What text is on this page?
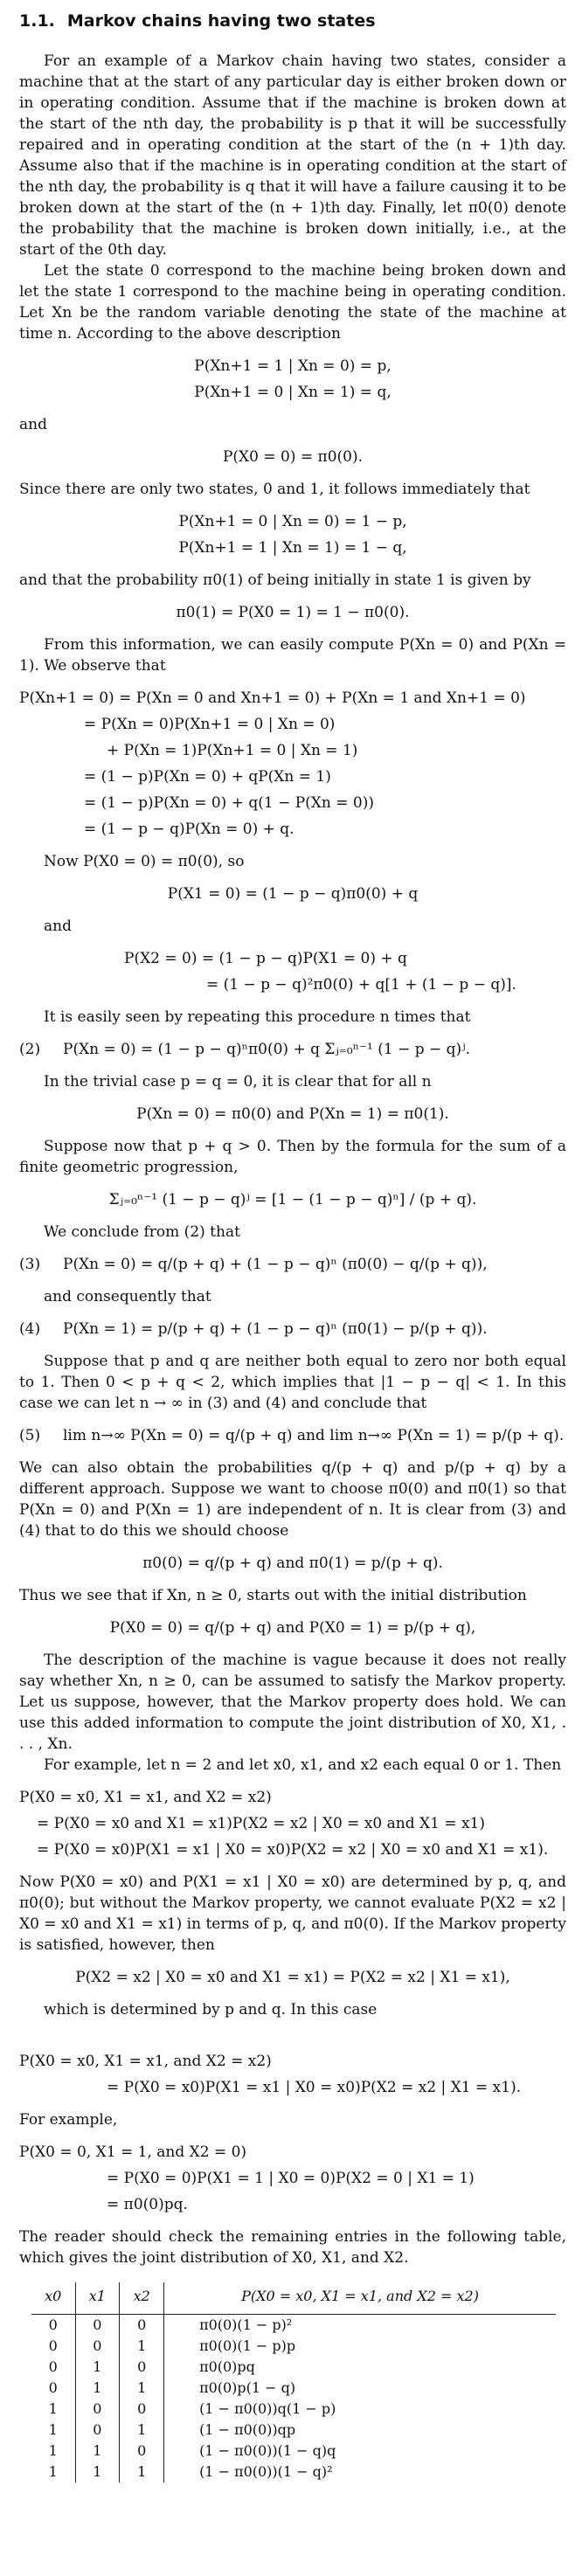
1.1. Markov chains having two states

For an example of a Markov chain having two states, consider a machine that at the start of any particular day is either broken down or in operating condition. Assume that if the machine is broken down at the start of the nth day, the probability is p that it will be successfully repaired and in operating condition at the start of the (n + 1)th day. Assume also that if the machine is in operating condition at the start of the nth day, the probability is q that it will have a failure causing it to be broken down at the start of the (n + 1)th day. Finally, let π0(0) denote the probability that the machine is broken down initially, i.e., at the start of the 0th day.

Let the state 0 correspond to the machine being broken down and let the state 1 correspond to the machine being in operating condition. Let Xn be the random variable denoting the state of the machine at time n. According to the above description

P(Xn+1 = 1 | Xn = 0) = p,
P(Xn+1 = 0 | Xn = 1) = q,

and

P(X0 = 0) = π0(0).

Since there are only two states, 0 and 1, it follows immediately that

P(Xn+1 = 0 | Xn = 0) = 1 − p,
P(Xn+1 = 1 | Xn = 1) = 1 − q,

and that the probability π0(1) of being initially in state 1 is given by

π0(1) = P(X0 = 1) = 1 − π0(0).

From this information, we can easily compute P(Xn = 0) and P(Xn = 1). We observe that

P(Xn+1 = 0) = P(Xn = 0 and Xn+1 = 0) + P(Xn = 1 and Xn+1 = 0)
= P(Xn = 0)P(Xn+1 = 0 | Xn = 0)
+ P(Xn = 1)P(Xn+1 = 0 | Xn = 1)
= (1 − p)P(Xn = 0) + qP(Xn = 1)
= (1 − p)P(Xn = 0) + q(1 − P(Xn = 0))
= (1 − p − q)P(Xn = 0) + q.

Now P(X0 = 0) = π0(0), so

P(X1 = 0) = (1 − p − q)π0(0) + q

and

P(X2 = 0) = (1 − p − q)P(X1 = 0) + q
= (1 − p − q)²π0(0) + q[1 + (1 − p − q)].

It is easily seen by repeating this procedure n times that

(2) P(Xn = 0) = (1 − p − q)ⁿπ0(0) + q Σⱼ₌₀ⁿ⁻¹ (1 − p − q)ʲ.

In the trivial case p = q = 0, it is clear that for all n

P(Xn = 0) = π0(0) and P(Xn = 1) = π0(1).

Suppose now that p + q > 0. Then by the formula for the sum of a finite geometric progression,

Σⱼ₌₀ⁿ⁻¹ (1 − p − q)ʲ = [1 − (1 − p − q)ⁿ] / (p + q).

We conclude from (2) that

(3) P(Xn = 0) = q/(p + q) + (1 − p − q)ⁿ (π0(0) − q/(p + q)),

and consequently that

(4) P(Xn = 1) = p/(p + q) + (1 − p − q)ⁿ (π0(1) − p/(p + q)).

Suppose that p and q are neither both equal to zero nor both equal to 1. Then 0 < p + q < 2, which implies that |1 − p − q| < 1. In this case we can let n → ∞ in (3) and (4) and conclude that

(5) lim n→∞ P(Xn = 0) = q/(p + q) and lim n→∞ P(Xn = 1) = p/(p + q).

We can also obtain the probabilities q/(p + q) and p/(p + q) by a different approach. Suppose we want to choose π0(0) and π0(1) so that P(Xn = 0) and P(Xn = 1) are independent of n. It is clear from (3) and (4) that to do this we should choose

π0(0) = q/(p + q) and π0(1) = p/(p + q).

Thus we see that if Xn, n ≥ 0, starts out with the initial distribution

P(X0 = 0) = q/(p + q) and P(X0 = 1) = p/(p + q),

The description of the machine is vague because it does not really say whether Xn, n ≥ 0, can be assumed to satisfy the Markov property. Let us suppose, however, that the Markov property does hold. We can use this added information to compute the joint distribution of X0, X1, . . . , Xn.

For example, let n = 2 and let x0, x1, and x2 each equal 0 or 1. Then

P(X0 = x0, X1 = x1, and X2 = x2)
= P(X0 = x0 and X1 = x1)P(X2 = x2 | X0 = x0 and X1 = x1)
= P(X0 = x0)P(X1 = x1 | X0 = x0)P(X2 = x2 | X0 = x0 and X1 = x1).

Now P(X0 = x0) and P(X1 = x1 | X0 = x0) are determined by p, q, and π0(0); but without the Markov property, we cannot evaluate P(X2 = x2 | X0 = x0 and X1 = x1) in terms of p, q, and π0(0). If the Markov property is satisfied, however, then

P(X2 = x2 | X0 = x0 and X1 = x1) = P(X2 = x2 | X1 = x1),

which is determined by p and q. In this case

P(X0 = x0, X1 = x1, and X2 = x2)
= P(X0 = x0)P(X1 = x1 | X0 = x0)P(X2 = x2 | X1 = x1).

For example,

P(X0 = 0, X1 = 1, and X2 = 0)
= P(X0 = 0)P(X1 = 1 | X0 = 0)P(X2 = 0 | X1 = 1)
= π0(0)pq.

The reader should check the remaining entries in the following table, which gives the joint distribution of X0, X1, and X2.

x0	x1	x2	P(X0 = x0, X1 = x1, and X2 = x2)
0	0	0	π0(0)(1 − p)²
0	0	1	π0(0)(1 − p)p
0	1	0	π0(0)pq
0	1	1	π0(0)p(1 − q)
1	0	0	(1 − π0(0))q(1 − p)
1	0	1	(1 − π0(0))qp
1	1	0	(1 − π0(0))(1 − q)q
1	1	1	(1 − π0(0))(1 − q)²
